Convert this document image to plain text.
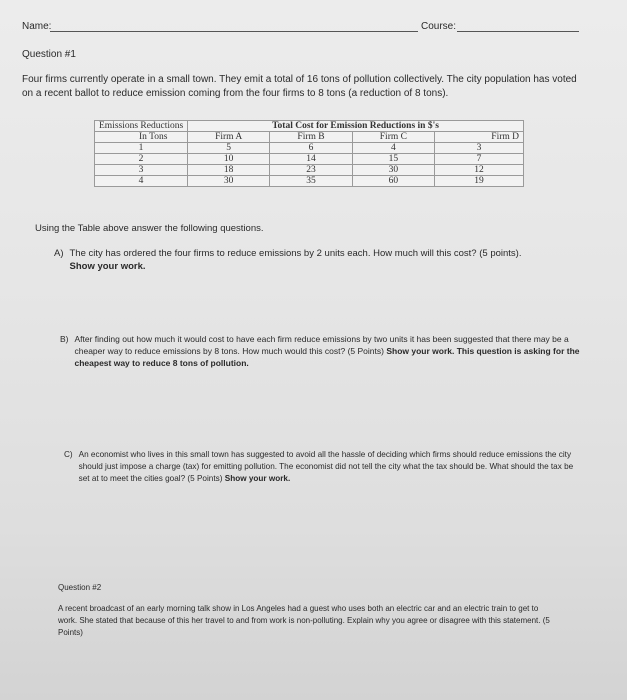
Name:	Course:
Question #1
Four firms currently operate in a small town. They emit a total of 16 tons of pollution collectively. The city population has voted on a recent ballot to reduce emission coming from the four firms to 8 tons (a reduction of 8 tons).
Emissions Reductions	Total Cost for Emission Reductions in $'s			
In Tons	Firm A	Firm B	Firm C	Firm D
1	5	6	4	3
2	10	14	15	7
3	18	23	30	12
4	30	35	60	19
Using the Table above answer the following questions.
A) The city has ordered the four firms to reduce emissions by 2 units each. How much will this cost? (5 points).
Show your work.
B) After finding out how much it would cost to have each firm reduce emissions by two units it has been suggested that there may be a cheaper way to reduce emissions by 8 tons. How much would this cost? (5 Points) Show your work. This question is asking for the cheapest way to reduce 8 tons of pollution.
C) An economist who lives in this small town has suggested to avoid all the hassle of deciding which firms should reduce emissions the city should just impose a charge (tax) for emitting pollution. The economist did not tell the city what the tax should be. What should the tax be set at to meet the cities goal? (5 Points) Show your work.
Question #2
A recent broadcast of an early morning talk show in Los Angeles had a guest who uses both an electric car and an electric train to get to work. She stated that because of this her travel to and from work is non-polluting. Explain why you agree or disagree with this statement. (5 Points)
